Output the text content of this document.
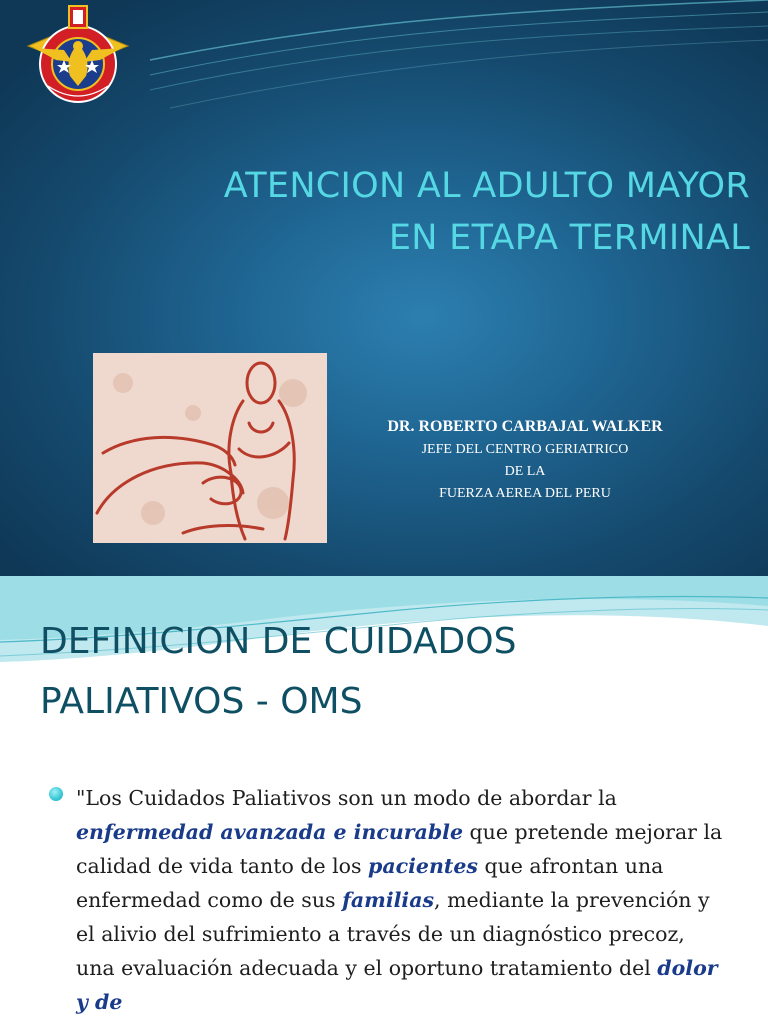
ATENCION AL ADULTO MAYOR
EN ETAPA TERMINAL
DR. ROBERTO CARBAJAL WALKER
JEFE DEL CENTRO GERIATRICO
DE LA
FUERZA AEREA DEL PERU
DEFINICION DE CUIDADOS
PALIATIVOS - OMS
"Los Cuidados Paliativos son un modo de abordar la enfermedad avanzada e incurable que pretende mejorar la calidad de vida tanto de los pacientes que afrontan una enfermedad como de sus familias, mediante la prevención y el alivio del sufrimiento a través de un diagnóstico precoz, una evaluación adecuada y el oportuno tratamiento del dolor y de
